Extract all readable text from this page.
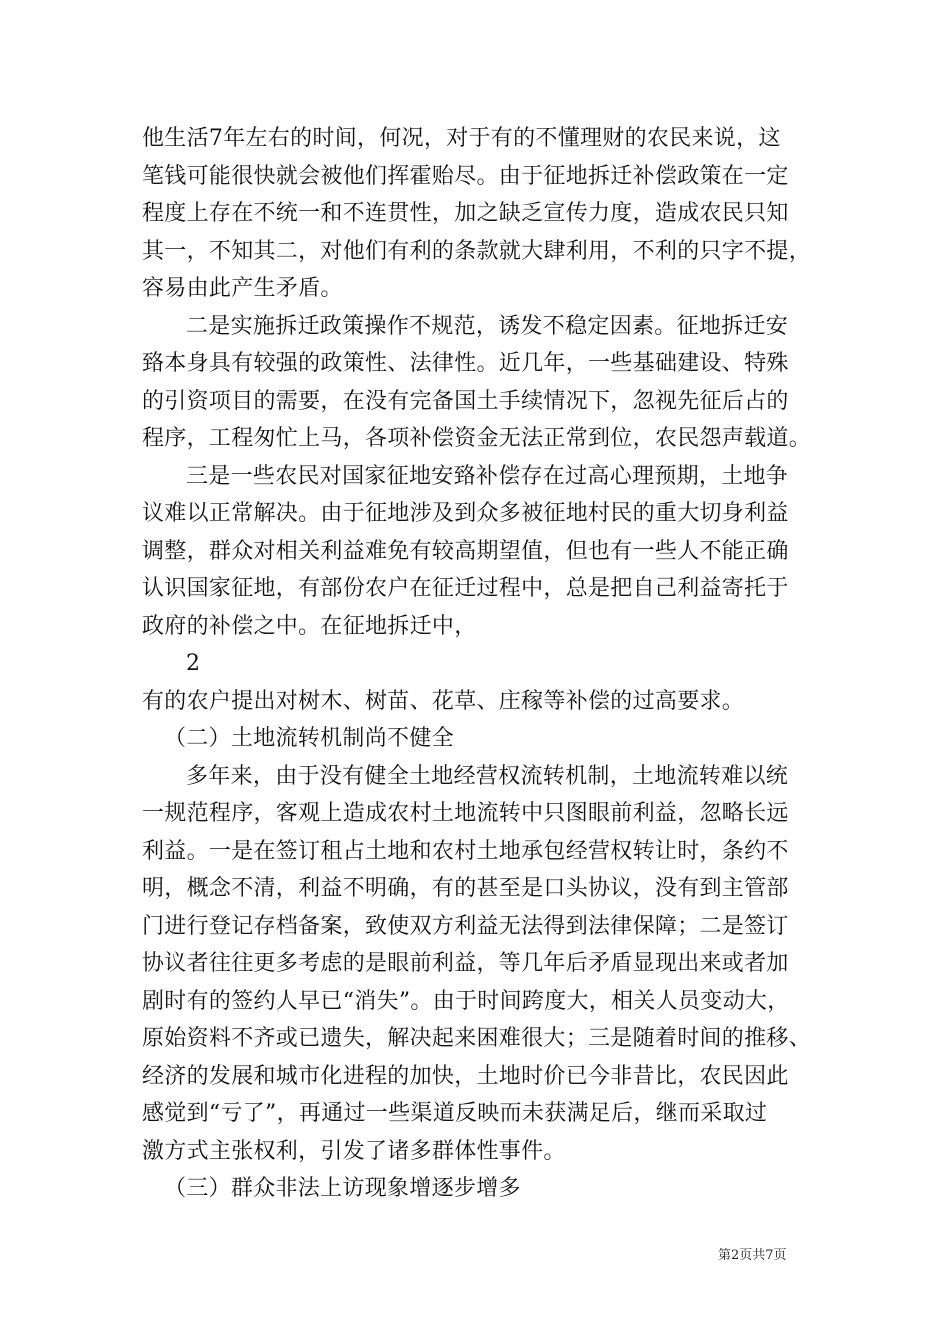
他生活7年左右的时间，何况，对于有的不懂理财的农民来说，这
笔钱可能很快就会被他们挥霍贻尽。由于征地拆迁补偿政策在一定
程度上存在不统一和不连贯性，加之缺乏宣传力度，造成农民只知
其一，不知其二，对他们有利的条款就大肆利用，不利的只字不提，
容易由此产生矛盾。
二是实施拆迁政策操作不规范，诱发不稳定因素。征地拆迁安
臵本身具有较强的政策性、法律性。近几年，一些基础建设、特殊
的引资项目的需要，在没有完备国土手续情况下，忽视先征后占的
程序，工程匆忙上马，各项补偿资金无法正常到位，农民怨声载道。
三是一些农民对国家征地安臵补偿存在过高心理预期，土地争
议难以正常解决。由于征地涉及到众多被征地村民的重大切身利益
调整，群众对相关利益难免有较高期望值，但也有一些人不能正确
认识国家征地，有部份农户在征迁过程中，总是把自己利益寄托于
政府的补偿之中。在征地拆迁中，
2
有的农户提出对树木、树苗、花草、庄稼等补偿的过高要求。
（二）土地流转机制尚不健全
多年来，由于没有健全土地经营权流转机制，土地流转难以统
一规范程序，客观上造成农村土地流转中只图眼前利益，忽略长远
利益。一是在签订租占土地和农村土地承包经营权转让时，条约不
明，概念不清，利益不明确，有的甚至是口头协议，没有到主管部
门进行登记存档备案，致使双方利益无法得到法律保障；二是签订
协议者往往更多考虑的是眼前利益，等几年后矛盾显现出来或者加
剧时有的签约人早已“消失”。由于时间跨度大，相关人员变动大，
原始资料不齐或已遗失，解决起来困难很大；三是随着时间的推移、
经济的发展和城市化进程的加快，土地时价已今非昔比，农民因此
感觉到“亏了”，再通过一些渠道反映而未获满足后，继而采取过
激方式主张权利，引发了诸多群体性事件。
（三）群众非法上访现象增逐步增多
第2页共7页
